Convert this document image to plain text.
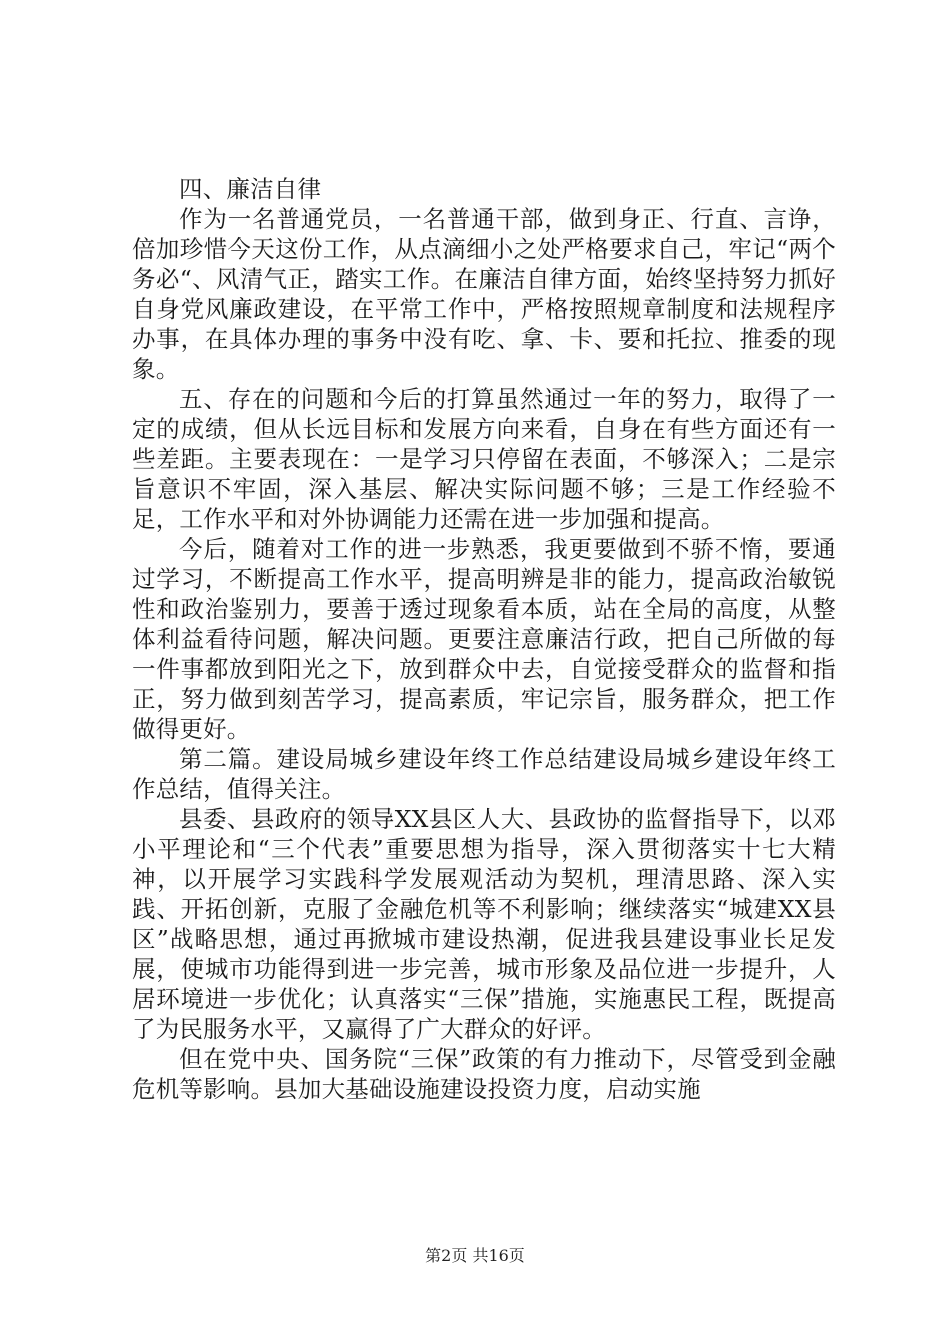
四、廉洁自律

作为一名普通党员，一名普通干部，做到身正、行直、言诤，倍加珍惜今天这份工作，从点滴细小之处严格要求自己，牢记“两个务必“、风清气正，踏实工作。在廉洁自律方面，始终坚持努力抓好自身党风廉政建设，在平常工作中，严格按照规章制度和法规程序办事，在具体办理的事务中没有吃、拿、卡、要和托拉、推委的现象。

五、存在的问题和今后的打算虽然通过一年的努力，取得了一定的成绩，但从长远目标和发展方向来看，自身在有些方面还有一些差距。主要表现在：一是学习只停留在表面，不够深入；二是宗旨意识不牢固，深入基层、解决实际问题不够；三是工作经验不足，工作水平和对外协调能力还需在进一步加强和提高。

今后，随着对工作的进一步熟悉，我更要做到不骄不惰，要通过学习，不断提高工作水平，提高明辨是非的能力，提高政治敏锐性和政治鉴别力，要善于透过现象看本质，站在全局的高度，从整体利益看待问题，解决问题。更要注意廉洁行政，把自己所做的每一件事都放到阳光之下，放到群众中去，自觉接受群众的监督和指正，努力做到刻苦学习，提高素质，牢记宗旨，服务群众，把工作做得更好。

第二篇。建设局城乡建设年终工作总结建设局城乡建设年终工作总结，值得关注。

县委、县政府的领导XX县区人大、县政协的监督指导下，以邓小平理论和“三个代表”重要思想为指导，深入贯彻落实十七大精神，以开展学习实践科学发展观活动为契机，理清思路、深入实践、开拓创新，克服了金融危机等不利影响；继续落实“城建XX县区”战略思想，通过再掀城市建设热潮，促进我县建设事业长足发展，使城市功能得到进一步完善，城市形象及品位进一步提升，人居环境进一步优化；认真落实“三保”措施，实施惠民工程，既提高了为民服务水平，又赢得了广大群众的好评。

但在党中央、国务院“三保”政策的有力推动下，尽管受到金融危机等影响。县加大基础设施建设投资力度，启动实施

第2页 共16页
